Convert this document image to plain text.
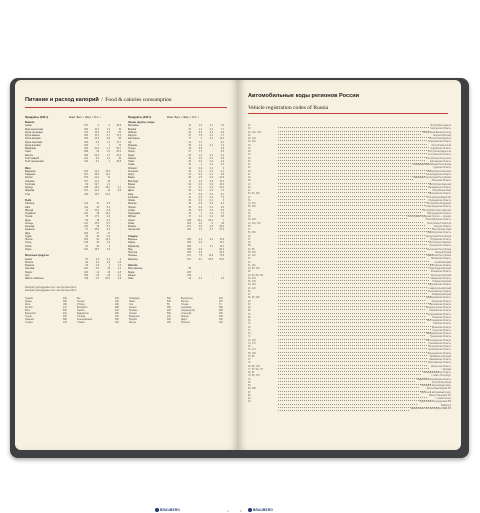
Питание и расход калорий / Food & calories consumption
Продукты (100 г)	Ккал. Бел. г Жир. г Угл. г	Продукты (100 г)	Ккал. Бел. г Жир. г Угл. г
Бакалея
Сахар	374	0	0	99,8
Мука пшеничная	334	10,3	1,1	70
Крупа гречневая	313	12,6	3,3	62
Крупа манная	326	11,3	0,7	73,3
Крупа овсяная	345	11,9	5,8	65
Крупа перловая	320	9,3	1,1	73,7
Крупа рисовая	323	7	1	74
Макароны	332	10,4	1,1	69,7
Горох	298	23	1,2	53,3
Фасоль	309	22,3	1,7	54,5
Хлеб ржаной	214	6,6	1,2	40
Хлеб пшеничный	242	8,1	1	48,8
Мясо
Баранина	203	16,3	15,3	-
Говядина	187	18,9	12,4	-
Кролик	183	21,2	11	-
Свинина	357	14,3	33	-
Телятина	90	19,7	1,2	-
Курица	238	18,2	18,4	0,7
Индейка	197	21,6	12	0,8
Утка	346	16,5	61,2	-
Рыба
Горбуша	140	21	5,9	-
Карп	112	16	5,3	-
Минтай	70	15,9	0,9	-
Скумбрия	191	18	13,2	-
Треска	75	17,5	0,6	-
Щука	82	18	0,5	-
Сельдь	161	15,5	8,7	-
Кальмар	100	18	0,3	-
Креветки	97	18,9	2,2	-
Икра	263	27	17	-
Судак	84	19	0,8	-
Лосось	208	20	13,4	-
Тунец	139	24	4,6	-
Сибас	97	18	3	-
Окунь	103	18,5	3,3	-
Молочные продукты
Кефир	67	3,5	3,2	4
Молоко	64	3,3	3,6	4,8
Ряженка	84	2,8	4	4,2
Сметана	204	2,5	20	3,4
Творог	232	14	18	2,8
Сыр	356	25	29	0,6
Масло сливочное	748	0,6	82,5	0,8
Овощи, фрукты, ягоды
Баклажан	24	1,2	0,1	4,5
Брюква	37	1,2	0,1	7,7
Кабачок	24	0,6	0,3	4,6
Капуста	27	1,8	0,1	4,7
Картофель	77	2	0,4	16,3
Лук	41	1,4	-	9,1
Морковь	35	1,3	0,1	7,2
Огурец	15	0,8	-	2,9
Перец	27	1,3	-	5,3
Редис	20	1,2	0,1	3,4
Свекла	42	1,5	0,1	8,8
Томат	20	0,6	0,2	4,2
Тыква	22	1	0,1	4,4
Абрикос	44	0,9	0,1	9
Апельсин	43	0,9	0,2	8,1
Арбуз	27	0,6	0,1	5,8
Банан	95	1,5	0,2	21,8
Виноград	72	0,6	0,6	15,4
Вишня	52	0,8	0,2	10,6
Груша	47	0,4	0,3	10,3
Дыня	35	0,6	0,3	7,4
Киви	47	0,8	0,4	8,1
Клубника	41	0,8	0,4	7,5
Лимон	34	0,9	0,1	3
Малина	46	0,8	0,5	8,3
Персик	45	0,9	0,1	9,5
Слива	49	0,8	0,3	9,6
Смородина	44	1	0,4	7,3
Яблоко	47	0,4	0,4	9,8
Орехи	648	15,2	65,2	7
Изюм	264	1,8	0	66
Финики	274	2,5	0,5	69,2
Чернослив	231	2,3	0,7	57,5
Сладкое
Варенье	265	0,3	0,2	70,9
Зефир	299	0,8	-	78,3
Мармелад	296	-	0,1	79,4
Мед	308	0,8	-	80,3
Пастила	305	0,5	-	80,4
Печенье	417	7,5	11,8	74,9
Шоколад	547	5,4	35,3	52,6
Напитки
Вино красное	68	-	-	-
Водка	235	-	-	-
Коньяк	239	-	-	-
Пиво	42	0,3	-	4,6
Калорий, расходуемых за 1 час при весе 60 кг
Калорий, расходуемых за 1 час при весе 80 кг
Ходьба	220	Бег	440	Плавание	500	Велосипед	320
Танцы	300	Теннис	430	Лыжи	540	Фитнес	370
Йога	180	Уборка	200	Сон	55	Чтение	70
Футбол	470	Волейбол	280	Коньки	350	Аэробика	390
Бокс	560	Гребля	420	Прыжки	480	Садоводство	260
Баскетбол	410	Бадминтон	300	Хоккей	500	Стрельба	150
Гольф	230	Готовка	130	Вождение	110	Шопинг	160
Лазание	590	Скалолазание	600	Борьба	520	Дартс	100
Стирка	140	Глажка	120	Мытье	150	Пилатес	240
BRAUBERG	4
Автомобильные коды регионов России
Vehicle registration codes of Russia
01	Республика Адыгея
40	Калужская область
02, 102, 702	Республика Башкортостан
41	Камчатский край
03, 103	Республика Бурятия
42, 142	Кемеровская область
04	Республика Алтай
43	Кировская область
05	Республика Дагестан
44	Костромская область
06	Республика Ингушетия
45	Курганская область
07	Кабардино-Балкарская Республика
46	Курская область
08	Республика Калмыкия
47	Ленинградская область
09	Карачаево-Черкесская Республика
48	Липецкая область
10	Республика Карелия
49	Магаданская область
11	Республика Коми
50, 90, 150	Московская область
12	Республика Марий Эл
51	Мурманская область
13, 113	Республика Мордовия
52, 152	Нижегородская область
14	Республика Саха (Якутия)
53	Новгородская область
15	Республика Северная Осетия — Алания
54, 154	Новосибирская область
16, 116, 716	Республика Татарстан
55	Омская область
17	Республика Тыва
56, 156	Оренбургская область
18	Удмуртская Республика
57	Орловская область
19	Республика Хакасия
58	Пензенская область
20, 95	Чеченская Республика
59, 159	Пермский край
21, 121	Чувашская Республика
60	Псковская область
22	Алтайский край
61, 161	Ростовская область
23, 93, 123	Краснодарский край
62	Рязанская область
24, 84, 88, 124	Красноярский край
63, 163	Самарская область
25, 125	Приморский край
64, 164	Саратовская область
26, 126	Ставропольский край
65	Сахалинская область
27	Хабаровский край
66, 96, 196	Свердловская область
28	Амурская область
67	Смоленская область
29	Архангельская область
68	Тамбовская область
30	Астраханская область
69	Тверская область
31	Белгородская область
70	Томская область
32	Брянская область
71	Тульская область
33	Владимирская область
72	Тюменская область
34, 134	Волгоградская область
73, 173	Ульяновская область
35	Вологодская область
74, 174	Челябинская область
36, 136	Воронежская область
75, 80	Забайкальский край
37	Ивановская область
76	Ярославская область
38, 85, 138	Иркутская область
77, 97, 99, 177	г. Москва
39, 91	Калининградская область
78, 98, 178	г. Санкт-Петербург
79	Еврейская автономная область
82	Республика Крым
83	Ненецкий автономный округ
86, 186	Ханты-Мансийский АО
87	Чукотский автономный округ
89	Ямало-Ненецкий АО
92	г. Севастополь
94	Территории за пределами РФ
Байконур
Департамент автоинспекции МВД РФ
BRAUBERG
5
